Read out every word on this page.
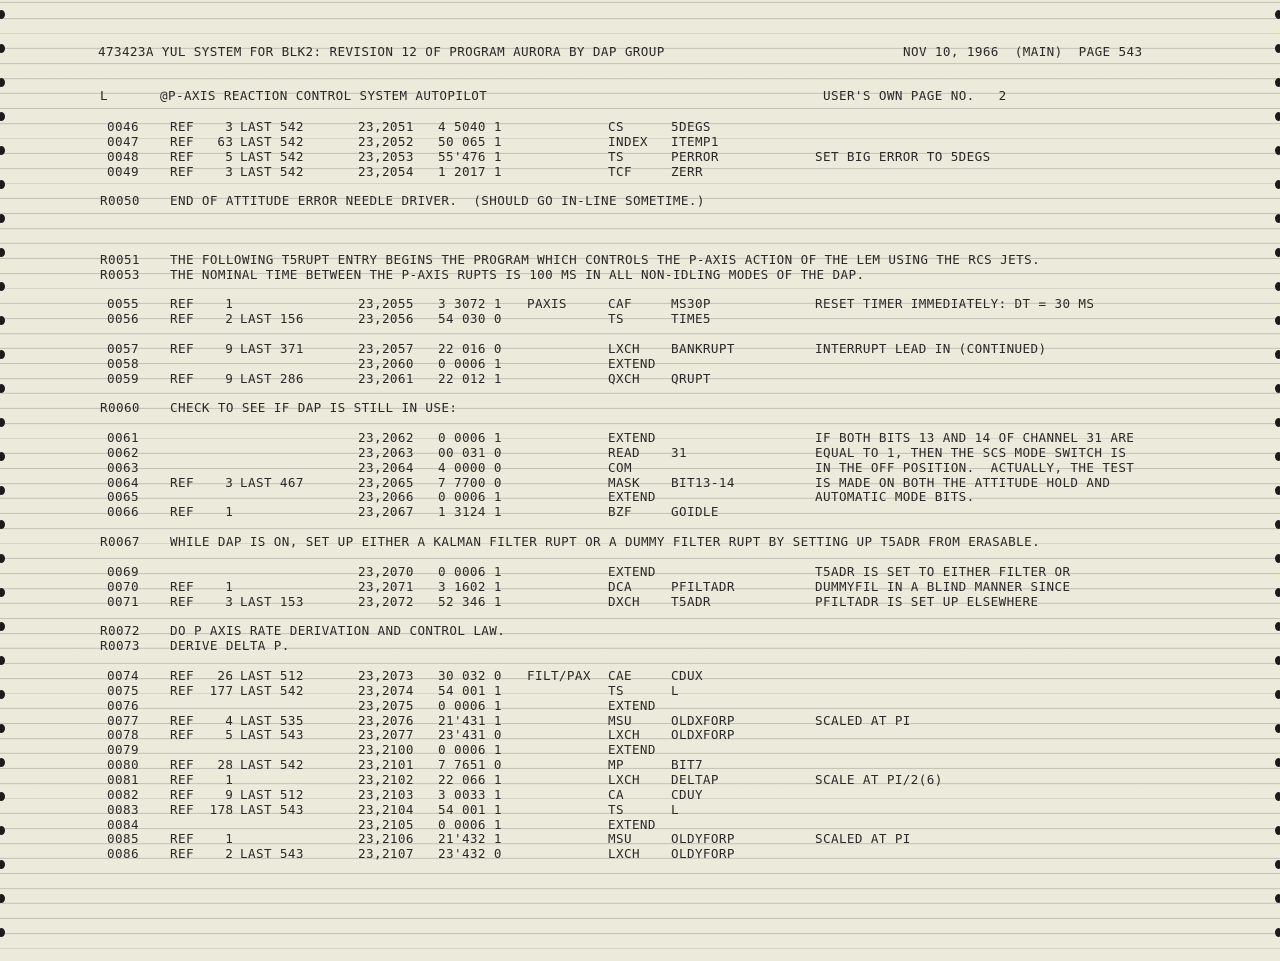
473423A YUL SYSTEM FOR BLK2: REVISION 12 OF PROGRAM AURORA BY DAP GROUP

	NOV 10, 1966  (MAIN)  PAGE 543

L

	@P-AXIS REACTION CONTROL SYSTEM AUTOPILOT

	USER'S OWN PAGE NO.   2

0046 REF 3 LAST 542	23,2051 4 5040 1	CS	5DEGS
0047 REF 63 LAST 542	23,2052 50 065 1	INDEX ITEMP1
0048 REF 5 LAST 542	23,2053 55'476 1	TS	PERROR	SET BIG ERROR TO 5DEGS
0049 REF 3 LAST 542	23,2054 1 2017 1	TCF	ZERR
R0050 END OF ATTITUDE ERROR NEEDLE DRIVER.  (SHOULD GO IN-LINE SOMETIME.)
R0051 THE FOLLOWING T5RUPT ENTRY BEGINS THE PROGRAM WHICH CONTROLS THE P-AXIS ACTION OF THE LEM USING THE RCS JETS.
R0053 THE NOMINAL TIME BETWEEN THE P-AXIS RUPTS IS 100 MS IN ALL NON-IDLING MODES OF THE DAP.
0055 REF 1	23,2055 3 3072 1 PAXIS	CAF	MS30P	RESET TIMER IMMEDIATELY: DT = 30 MS
0056 REF 2 LAST 156	23,2056 54 030 0	TS	TIME5
0057 REF 9 LAST 371	23,2057 22 016 0	LXCH BANKRUPT	INTERRUPT LEAD IN (CONTINUED)
0058	23,2060 0 0006 1	EXTEND
0059 REF 9 LAST 286	23,2061 22 012 1	QXCH QRUPT
R0060 CHECK TO SEE IF DAP IS STILL IN USE:
0061	23,2062 0 0006 1	EXTEND	IF BOTH BITS 13 AND 14 OF CHANNEL 31 ARE
0062	23,2063 00 031 0	READ 31	EQUAL TO 1, THEN THE SCS MODE SWITCH IS
0063	23,2064 4 0000 0	COM	IN THE OFF POSITION.  ACTUALLY, THE TEST
0064 REF 3 LAST 467	23,2065 7 7700 0	MASK BIT13-14	IS MADE ON BOTH THE ATTITUDE HOLD AND
0065	23,2066 0 0006 1	EXTEND	AUTOMATIC MODE BITS.
0066 REF 1	23,2067 1 3124 1	BZF	GOIDLE
R0067 WHILE DAP IS ON, SET UP EITHER A KALMAN FILTER RUPT OR A DUMMY FILTER RUPT BY SETTING UP T5ADR FROM ERASABLE.
0069	23,2070 0 0006 1	EXTEND	T5ADR IS SET TO EITHER FILTER OR
0070 REF 1	23,2071 3 1602 1	DCA	PFILTADR	DUMMYFIL IN A BLIND MANNER SINCE
0071 REF 3 LAST 153	23,2072 52 346 1	DXCH T5ADR	PFILTADR IS SET UP ELSEWHERE
R0072 DO P AXIS RATE DERIVATION AND CONTROL LAW.
R0073 DERIVE DELTA P.
0074 REF 26 LAST 512	23,2073 30 032 0 FILT/PAX CAE	CDUX
0075 REF 177 LAST 542	23,2074 54 001 1	TS	L
0076	23,2075 0 0006 1	EXTEND
0077 REF 4 LAST 535	23,2076 21'431 1	MSU	OLDXFORP	SCALED AT PI
0078 REF 5 LAST 543	23,2077 23'431 0	LXCH OLDXFORP
0079	23,2100 0 0006 1	EXTEND
0080 REF 28 LAST 542	23,2101 7 7651 0	MP	BIT7
0081 REF 1	23,2102 22 066 1	LXCH DELTAP	SCALE AT PI/2(6)
0082 REF 9 LAST 512	23,2103 3 0033 1	CA	CDUY
0083 REF 178 LAST 543	23,2104 54 001 1	TS	L
0084	23,2105 0 0006 1	EXTEND
0085 REF 1	23,2106 21'432 1	MSU	OLDYFORP	SCALED AT PI
0086 REF 2 LAST 543	23,2107 23'432 0	LXCH OLDYFORP
